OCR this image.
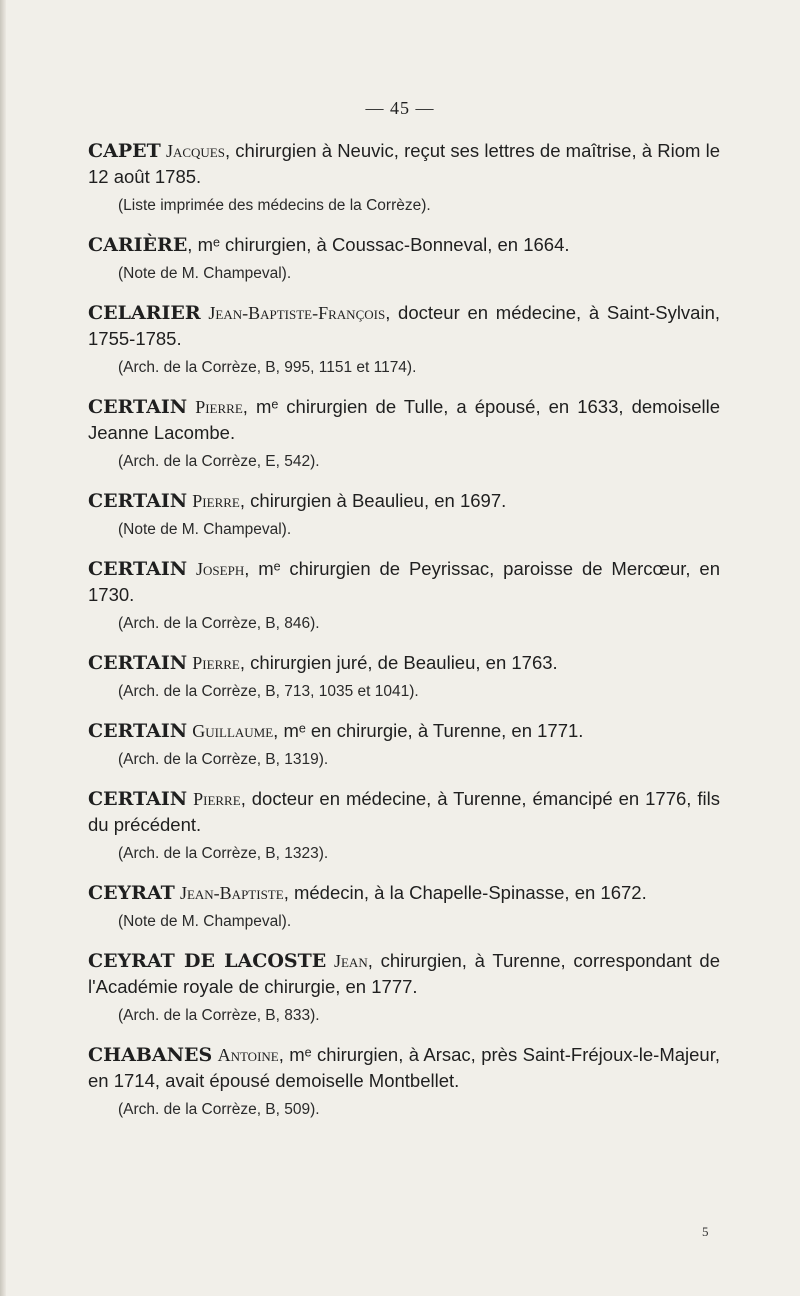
— 45 —
CAPET Jacques, chirurgien à Neuvic, reçut ses lettres de maîtrise, à Riom le 12 août 1785.
(Liste imprimée des médecins de la Corrèze).
CARIÈRE, mᵉ chirurgien, à Coussac-Bonneval, en 1664.
(Note de M. Champeval).
CELARIER Jean-Baptiste-François, docteur en médecine, à Saint-Sylvain, 1755-1785.
(Arch. de la Corrèze, B, 995, 1151 et 1174).
CERTAIN Pierre, mᵉ chirurgien de Tulle, a épousé, en 1633, demoiselle Jeanne Lacombe.
(Arch. de la Corrèze, E, 542).
CERTAIN Pierre, chirurgien à Beaulieu, en 1697.
(Note de M. Champeval).
CERTAIN Joseph, mᵉ chirurgien de Peyrissac, paroisse de Mercœur, en 1730.
(Arch. de la Corrèze, B, 846).
CERTAIN Pierre, chirurgien juré, de Beaulieu, en 1763.
(Arch. de la Corrèze, B, 713, 1035 et 1041).
CERTAIN Guillaume, mᵉ en chirurgie, à Turenne, en 1771.
(Arch. de la Corrèze, B, 1319).
CERTAIN Pierre, docteur en médecine, à Turenne, émancipé en 1776, fils du précédent.
(Arch. de la Corrèze, B, 1323).
CEYRAT Jean-Baptiste, médecin, à la Chapelle-Spinasse, en 1672.
(Note de M. Champeval).
CEYRAT DE LACOSTE Jean, chirurgien, à Turenne, correspondant de l'Académie royale de chirurgie, en 1777.
(Arch. de la Corrèze, B, 833).
CHABANES Antoine, mᵉ chirurgien, à Arsac, près Saint-Fréjoux-le-Majeur, en 1714, avait épousé demoiselle Montbellet.
(Arch. de la Corrèze, B, 509).
5
